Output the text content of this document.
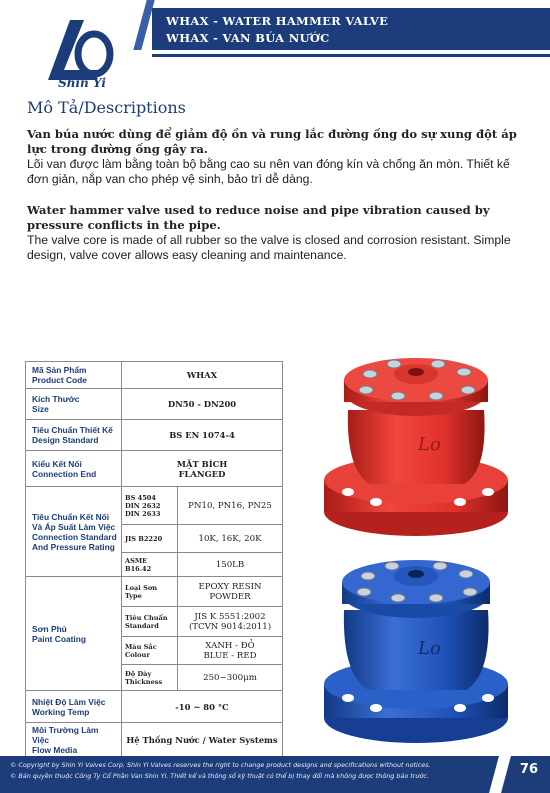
WHAX - WATER HAMMER VALVE
WHAX - VAN BÚA NƯỚC
Shin Yi
Mô Tả/Descriptions
Van búa nước dùng để giảm độ ồn và rung lắc đường ống do sự xung đột áp lực trong đường ống gây ra.
Lõi van được làm bằng toàn bộ bằng cao su nên van đóng kín và chống ăn mòn. Thiết kế đơn giản, nắp van cho phép vệ sinh, bảo trì dễ dàng.
Water hammer valve used to reduce noise and pipe vibration caused by pressure conflicts in the pipe.
The valve core is made of all rubber so the valve is closed and corrosion resistant. Simple design, valve cover allows easy cleaning and maintenance.
Mã Sản Phẩm
Product Code	WHAX	
Kích Thước
Size	DN50 - DN200	
Tiêu Chuẩn Thiết Kế
Design Standard	BS EN 1074-4	
Kiểu Kết Nối
Connection End	MẶT BÍCH
FLANGED	
Tiêu Chuẩn Kết Nối Và Áp Suất Làm Việc
Connection Standard And Pressure Rating	BS 4504
DIN 2632
DIN 2633	PN10, PN16, PN25
	JIS B2220	10K, 16K, 20K
	ASME B16.42	150LB
Sơn Phủ
Paint Coating	Loại Sơn
Type	EPOXY RESIN
POWDER
	Tiêu Chuẩn
Standard	JIS K 5551:2002
(TCVN 9014:2011)
	Màu Sắc
Colour	XANH - ĐỎ
BLUE - RED
	Độ Dày
Thickness	250~300μm
Nhiệt Độ Làm Việc
Working Temp	-10 ~ 80 °C	
Môi Trường Làm Việc
Flow Media	Hệ Thống Nước / Water Systems	
Lo
Lo
© Copyright by Shin Yi Valves Corp. Shin Yi Valves reserves the right to change product designs and specifications without notices.
© Bản quyền thuộc Công Ty Cổ Phần Van Shin Yi. Thiết kế và thông số kỹ thuật có thể bị thay đổi mà không được thông báo trước.	76
